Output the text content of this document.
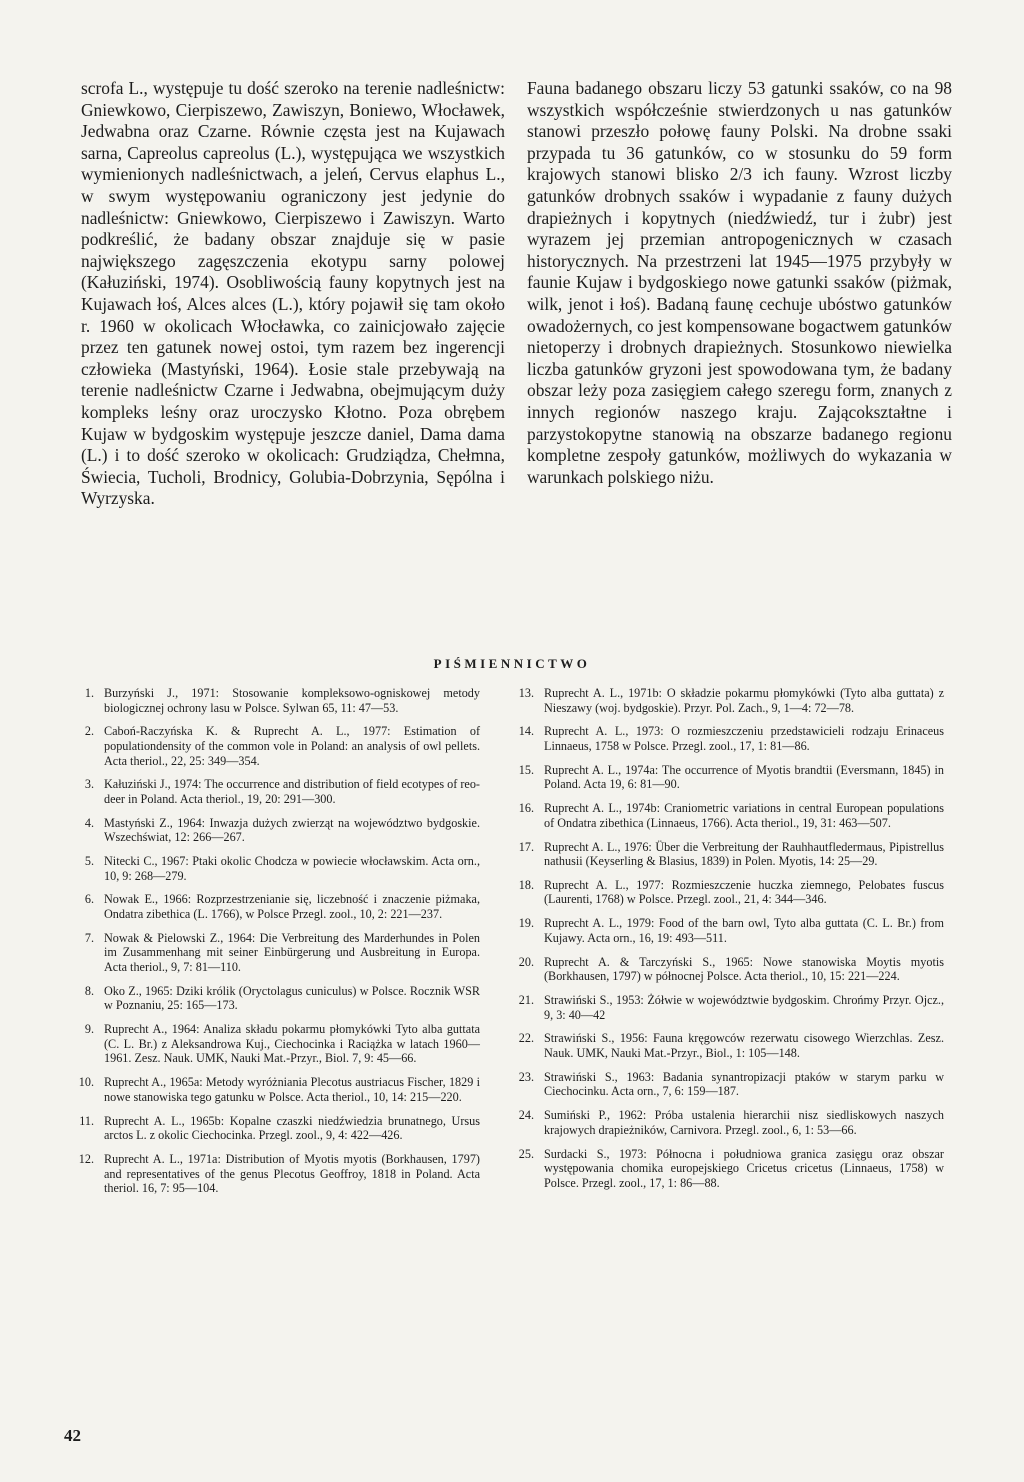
scrofa L., występuje tu dość szeroko na terenie nadleśnictw: Gniewkowo, Cierpiszewo, Zawiszyn, Boniewo, Włocławek, Jedwabna oraz Czarne. Równie częsta jest na Kujawach sarna, Capreolus capreolus (L.), występująca we wszystkich wymienionych nadleśnictwach, a jeleń, Cervus elaphus L., w swym występowaniu ograniczony jest jedynie do nadleśnictw: Gniewkowo, Cierpiszewo i Zawiszyn. Warto podkreślić, że badany obszar znajduje się w pasie największego zagęszczenia ekotypu sarny polowej (Kałuziński, 1974). Osobliwością fauny kopytnych jest na Kujawach łoś, Alces alces (L.), który pojawił się tam około r. 1960 w okolicach Włocławka, co zainicjowało zajęcie przez ten gatunek nowej ostoi, tym razem bez ingerencji człowieka (Mastyński, 1964). Łosie stale przebywają na terenie nadleśnictw Czarne i Jedwabna, obejmującym duży kompleks leśny oraz uroczysko Kłotno. Poza obrębem Kujaw w bydgoskim występuje jeszcze daniel, Dama dama (L.) i to dość szeroko w okolicach: Grudziądza, Chełmna, Świecia, Tucholi, Brodnicy, Golubia-Dobrzynia, Sępólna i Wyrzyska.

Fauna badanego obszaru liczy 53 gatunki ssaków, co na 98 wszystkich współcześnie stwierdzonych u nas gatunków stanowi przeszło połowę fauny Polski. Na drobne ssaki przypada tu 36 gatunków, co w stosunku do 59 form krajowych stanowi blisko 2/3 ich fauny. Wzrost liczby gatunków drobnych ssaków i wypadanie z fauny dużych drapieżnych i kopytnych (niedźwiedź, tur i żubr) jest wyrazem jej przemian antropogenicznych w czasach historycznych. Na przestrzeni lat 1945—1975 przybyły w faunie Kujaw i bydgoskiego nowe gatunki ssaków (piżmak, wilk, jenot i łoś). Badaną faunę cechuje ubóstwo gatunków owadożernych, co jest kompensowane bogactwem gatunków nietoperzy i drobnych drapieżnych. Stosunkowo niewielka liczba gatunków gryzoni jest spowodowana tym, że badany obszar leży poza zasięgiem całego szeregu form, znanych z innych regionów naszego kraju. Zającokształtne i parzystokopytne stanowią na obszarze badanego regionu kompletne zespoły gatunków, możliwych do wykazania w warunkach polskiego niżu.

PIŚMIENNICTWO
1. Burzyński J., 1971: Stosowanie kompleksowo-ogniskowej metody biologicznej ochrony lasu w Polsce. Sylwan 65, 11: 47—53.
2. Caboń-Raczyńska K. & Ruprecht A. L., 1977: Estimation of populationdensity of the common vole in Poland: an analysis of owl pellets. Acta theriol., 22, 25: 349—354.
3. Kałuziński J., 1974: The occurrence and distribution of field ecotypes of reo-deer in Poland. Acta theriol., 19, 20: 291—300.
4. Mastyński Z., 1964: Inwazja dużych zwierząt na województwo bydgoskie. Wszechświat, 12: 266—267.
5. Nitecki C., 1967: Ptaki okolic Chodcza w powiecie włocławskim. Acta orn., 10, 9: 268—279.
6. Nowak E., 1966: Rozprzestrzenianie się, liczebność i znaczenie piżmaka, Ondatra zibethica (L. 1766), w Polsce Przegl. zool., 10, 2: 221—237.
7. Nowak & Pielowski Z., 1964: Die Verbreitung des Marderhundes in Polen im Zusammenhang mit seiner Einbürgerung und Ausbreitung in Europa. Acta theriol., 9, 7: 81—110.
8. Oko Z., 1965: Dziki królik (Oryctolagus cuniculus) w Polsce. Rocznik WSR w Poznaniu, 25: 165—173.
9. Ruprecht A., 1964: Analiza składu pokarmu płomykówki Tyto alba guttata (C. L. Br.) z Aleksandrowa Kuj., Ciechocinka i Raciążka w latach 1960—1961. Zesz. Nauk. UMK, Nauki Mat.-Przyr., Biol. 7, 9: 45—66.
10. Ruprecht A., 1965a: Metody wyróżniania Plecotus austriacus Fischer, 1829 i nowe stanowiska tego gatunku w Polsce. Acta theriol., 10, 14: 215—220.
11. Ruprecht A. L., 1965b: Kopalne czaszki niedźwiedzia brunatnego, Ursus arctos L. z okolic Ciechocinka. Przegl. zool., 9, 4: 422—426.
12. Ruprecht A. L., 1971a: Distribution of Myotis myotis (Borkhausen, 1797) and representatives of the genus Plecotus Geoffroy, 1818 in Poland. Acta theriol. 16, 7: 95—104.
13. Ruprecht A. L., 1971b: O składzie pokarmu płomykówki (Tyto alba guttata) z Nieszawy (woj. bydgoskie). Przyr. Pol. Zach., 9, 1—4: 72—78.
14. Ruprecht A. L., 1973: O rozmieszczeniu przedstawicieli rodzaju Erinaceus Linnaeus, 1758 w Polsce. Przegl. zool., 17, 1: 81—86.
15. Ruprecht A. L., 1974a: The occurrence of Myotis brandtii (Eversmann, 1845) in Poland. Acta 19, 6: 81—90.
16. Ruprecht A. L., 1974b: Craniometric variations in central European populations of Ondatra zibethica (Linnaeus, 1766). Acta theriol., 19, 31: 463—507.
17. Ruprecht A. L., 1976: Über die Verbreitung der Rauhhautfledermaus, Pipistrellus nathusii (Keyserling & Blasius, 1839) in Polen. Myotis, 14: 25—29.
18. Ruprecht A. L., 1977: Rozmieszczenie huczka ziemnego, Pelobates fuscus (Laurenti, 1768) w Polsce. Przegl. zool., 21, 4: 344—346.
19. Ruprecht A. L., 1979: Food of the barn owl, Tyto alba guttata (C. L. Br.) from Kujawy. Acta orn., 16, 19: 493—511.
20. Ruprecht A. & Tarczyński S., 1965: Nowe stanowiska Moytis myotis (Borkhausen, 1797) w północnej Polsce. Acta theriol., 10, 15: 221—224.
21. Strawiński S., 1953: Żółwie w województwie bydgoskim. Chrońmy Przyr. Ojcz., 9, 3: 40—42
22. Strawiński S., 1956: Fauna kręgowców rezerwatu cisowego Wierzchlas. Zesz. Nauk. UMK, Nauki Mat.-Przyr., Biol., 1: 105—148.
23. Strawiński S., 1963: Badania synantropizacji ptaków w starym parku w Ciechocinku. Acta orn., 7, 6: 159—187.
24. Sumiński P., 1962: Próba ustalenia hierarchii nisz siedliskowych naszych krajowych drapieżników, Carnivora. Przegl. zool., 6, 1: 53—66.
25. Surdacki S., 1973: Północna i południowa granica zasięgu oraz obszar występowania chomika europejskiego Cricetus cricetus (Linnaeus, 1758) w Polsce. Przegl. zool., 17, 1: 86—88.
42
